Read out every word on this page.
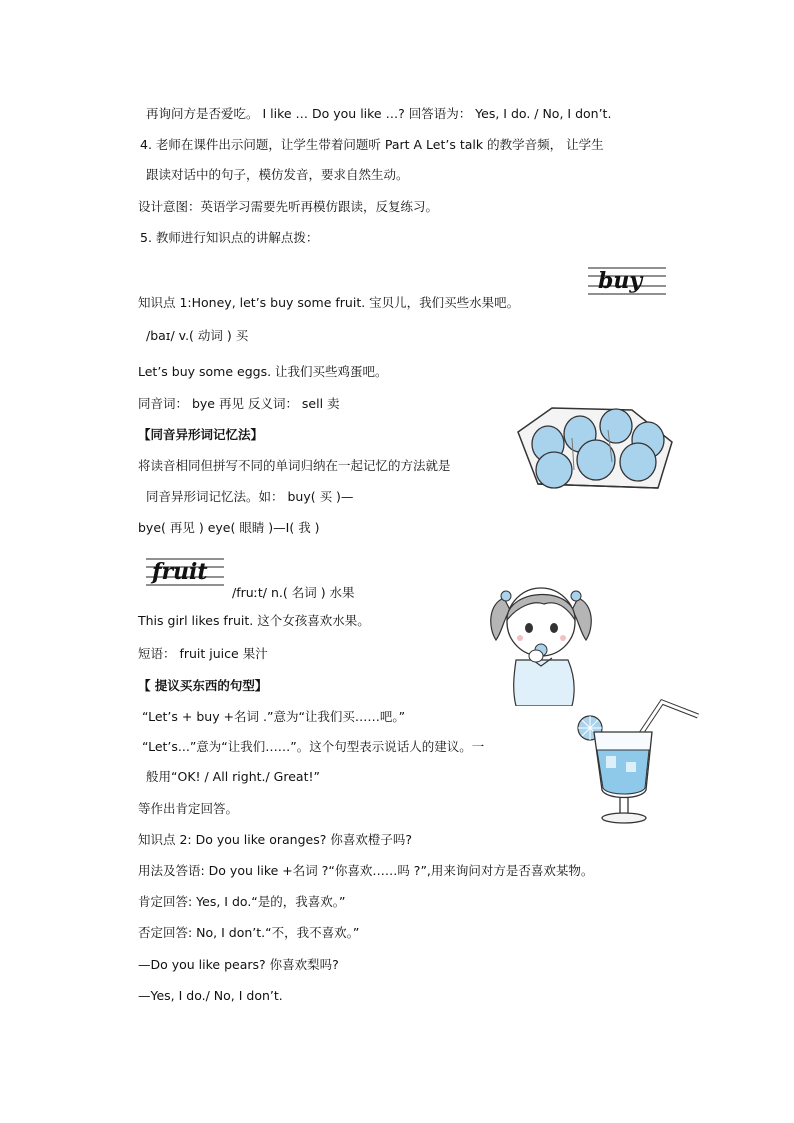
再询问方是否爱吃。 I like … Do you like …? 回答语为： Yes, I do. / No, I don’t.
4. 老师在课件出示问题，让学生带着问题听 Part A Let’s talk 的教学音频， 让学生
跟读对话中的句子，模仿发音，要求自然生动。
设计意图：英语学习需要先听再模仿跟读，反复练习。
5. 教师进行知识点的讲解点拨：
知识点 1:Honey, let’s buy some fruit. 宝贝儿，我们买些水果吧。
/baɪ/ v.( 动词 ) 买
Let’s buy some eggs. 让我们买些鸡蛋吧。
同音词： bye 再见 反义词： sell 卖
【同音异形词记忆法】
将读音相同但拼写不同的单词归纳在一起记忆的方法就是
同音异形词记忆法。如： buy( 买 )—
bye( 再见 ) eye( 眼睛 )—I( 我 )
/fruːt/ n.( 名词 ) 水果
This girl likes fruit. 这个女孩喜欢水果。
短语： fruit juice 果汁
【 提议买东西的句型】
“Let’s + buy +名词 .”意为“让我们买……吧。”
“Let’s...”意为“让我们……”。这个句型表示说话人的建议。一
般用“OK! / All right./ Great!”
等作出肯定回答。
知识点 2: Do you like oranges? 你喜欢橙子吗?
用法及答语: Do you like +名词 ?“你喜欢……吗 ?”,用来询问对方是否喜欢某物。
肯定回答: Yes, I do.“是的，我喜欢。”
否定回答: No, I don’t.“不，我不喜欢。”
—Do you like pears? 你喜欢梨吗?
—Yes, I do./ No, I don’t.
buy
fruit
